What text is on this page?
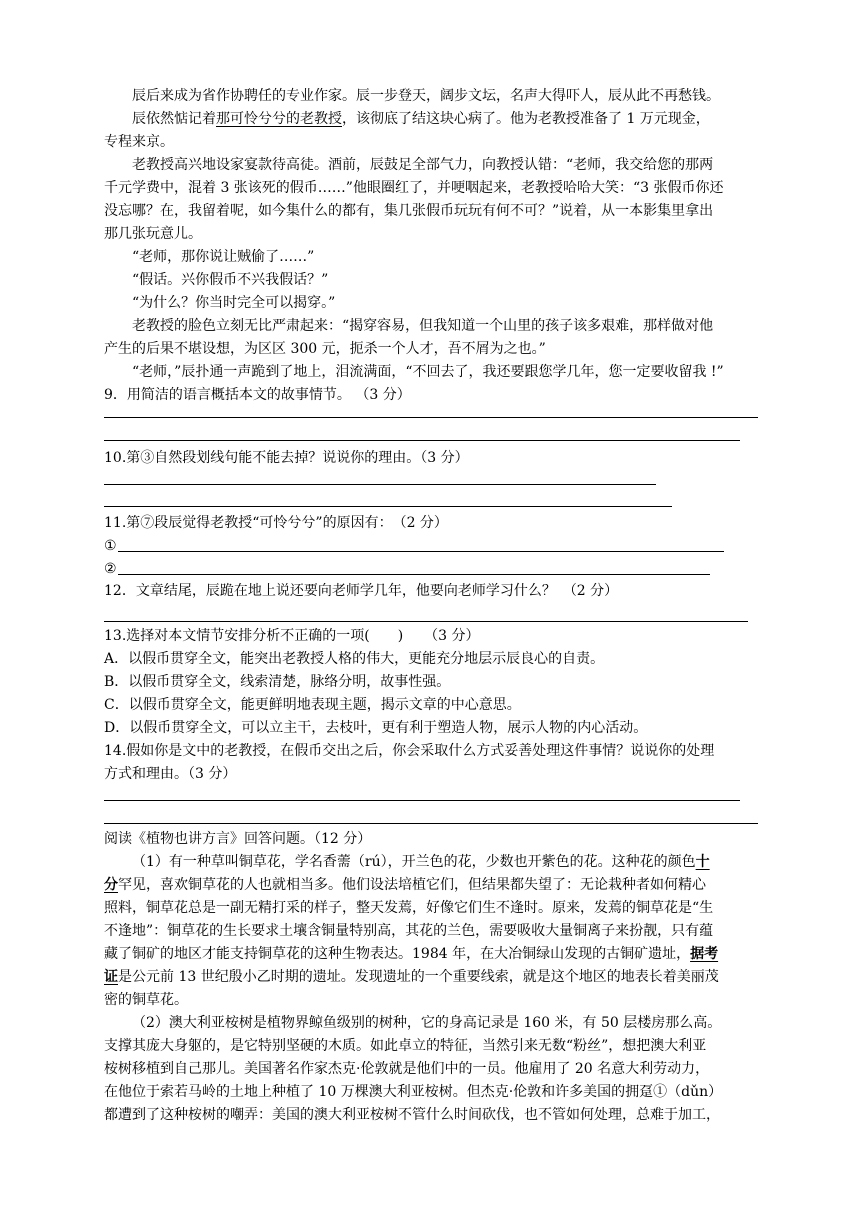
辰后来成为省作协聘任的专业作家。辰一步登天，阔步文坛，名声大得吓人，辰从此不再愁钱。
辰依然惦记着那可怜兮兮的老教授，该彻底了结这块心病了。他为老教授准备了 1 万元现金，
专程来京。
老教授高兴地设家宴款待高徒。酒前，辰鼓足全部气力，向教授认错：“老师，我交给您的那两
千元学费中，混着 3 张该死的假币……”他眼圈红了，并哽咽起来，老教授哈哈大笑：“3 张假币你还
没忘哪？在，我留着呢，如今集什么的都有，集几张假币玩玩有何不可？”说着，从一本影集里拿出
那几张玩意儿。
“老师，那你说让贼偷了……”
“假话。兴你假币不兴我假话？”
“为什么？你当时完全可以揭穿。”
老教授的脸色立刻无比严肃起来：“揭穿容易，但我知道一个山里的孩子该多艰难，那样做对他
产生的后果不堪设想，为区区 300 元，扼杀一个人才，吾不屑为之也。”
“老师，”辰扑通一声跪到了地上，泪流满面，“不回去了，我还要跟您学几年，您一定要收留我 !”
9．用简洁的语言概括本文的故事情节。 （3 分）
10.第③自然段划线句能不能去掉？说说你的理由。（3 分）
11.第⑦段辰觉得老教授“可怜兮兮”的原因有：　（2 分）
①
②
12．文章结尾，辰跪在地上说还要向老师学几年，他要向老师学习什么？　（2 分）
13.选择对本文情节安排分析不正确的一项(　　)　　（3 分）
A．以假币贯穿全文，能突出老教授人格的伟大，更能充分地层示辰良心的自责。
B．以假币贯穿全文，线索清楚，脉络分明，故事性强。
C．以假币贯穿全文，能更鲜明地表现主题，揭示文章的中心意思。
D．以假币贯穿全文，可以立主干，去枝叶，更有利于塑造人物，展示人物的内心活动。
14.假如你是文中的老教授，在假币交出之后，你会采取什么方式妥善处理这件事情？说说你的处理
方式和理由。（3 分）
阅读《植物也讲方言》回答问题。（12 分）
（1）有一种草叫铜草花，学名香薷（rú），开兰色的花，少数也开紫色的花。这种花的颜色十
分罕见，喜欢铜草花的人也就相当多。他们设法培植它们，但结果都失望了：无论栽种者如何精心
照料，铜草花总是一副无精打采的样子，整天发蔫，好像它们生不逢时。原来，发蔫的铜草花是“生
不逢地”：铜草花的生长要求土壤含铜量特别高，其花的兰色，需要吸收大量铜离子来扮靓，只有蕴
藏了铜矿的地区才能支持铜草花的这种生物表达。1984 年，在大冶铜绿山发现的古铜矿遗址，据考
证是公元前 13 世纪殷小乙时期的遗址。发现遗址的一个重要线索，就是这个地区的地表长着美丽茂
密的铜草花。
（2）澳大利亚桉树是植物界鲸鱼级别的树种，它的身高记录是 160 米，有 50 层楼房那么高。
支撑其庞大身躯的，是它特别坚硬的木质。如此卓立的特征，当然引来无数“粉丝”，想把澳大利亚
桉树移植到自己那儿。美国著名作家杰克·伦敦就是他们中的一员。他雇用了 20 名意大利劳动力，
在他位于索若马岭的土地上种植了 10 万棵澳大利亚桉树。但杰克·伦敦和许多美国的拥趸①（dǔn）
都遭到了这种桉树的嘲弄：美国的澳大利亚桉树不管什么时间砍伐，也不管如何处理，总难于加工，
